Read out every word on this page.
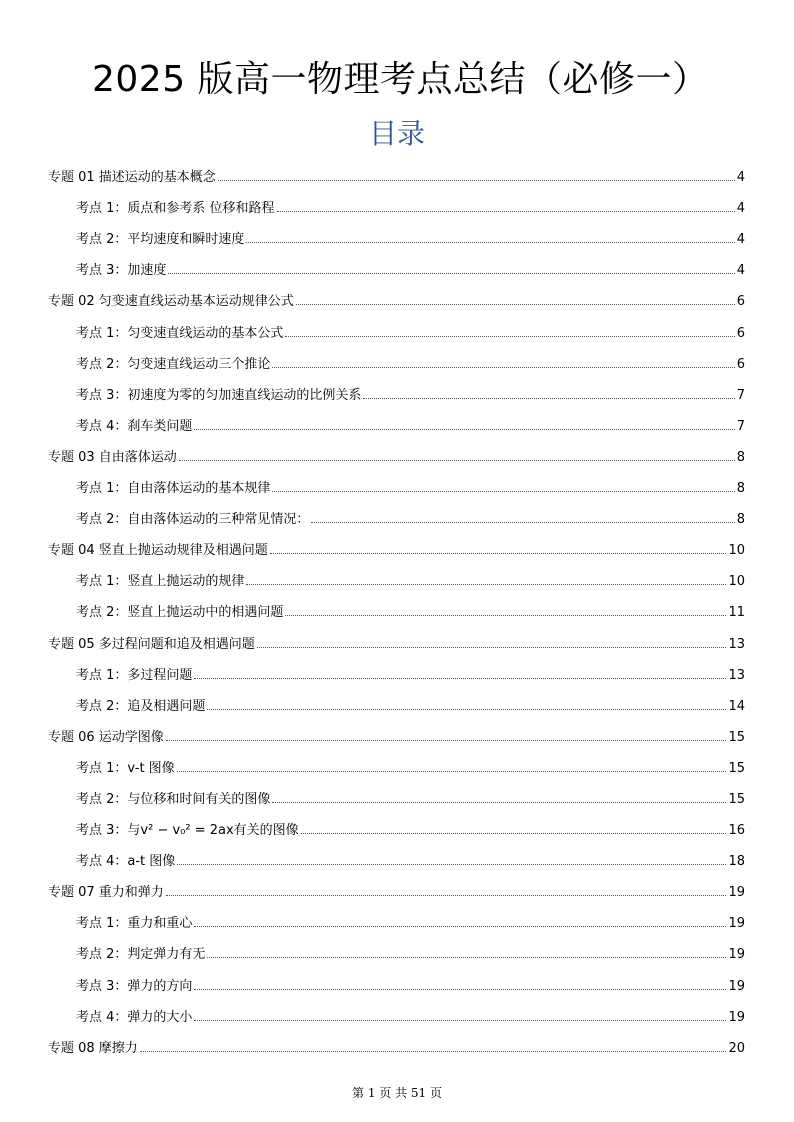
2025 版高一物理考点总结（必修一）
目录
专题 01 描述运动的基本概念	4
考点 1：质点和参考系 位移和路程	4
考点 2：平均速度和瞬时速度	4
考点 3：加速度	4
专题 02 匀变速直线运动基本运动规律公式	6
考点 1：匀变速直线运动的基本公式	6
考点 2：匀变速直线运动三个推论	6
考点 3：初速度为零的匀加速直线运动的比例关系	7
考点 4：刹车类问题	7
专题 03 自由落体运动	8
考点 1：自由落体运动的基本规律	8
考点 2：自由落体运动的三种常见情况：	8
专题 04 竖直上抛运动规律及相遇问题	10
考点 1：竖直上抛运动的规律	10
考点 2：竖直上抛运动中的相遇问题	11
专题 05 多过程问题和追及相遇问题	13
考点 1：多过程问题	13
考点 2：追及相遇问题	14
专题 06 运动学图像	15
考点 1：v-t 图像	15
考点 2：与位移和时间有关的图像	15
考点 3：与v² − v₀² = 2ax有关的图像	16
考点 4：a-t 图像	18
专题 07 重力和弹力	19
考点 1：重力和重心	19
考点 2：判定弹力有无	19
考点 3：弹力的方向	19
考点 4：弹力的大小	19
专题 08 摩擦力	20
第 1 页 共 51 页
